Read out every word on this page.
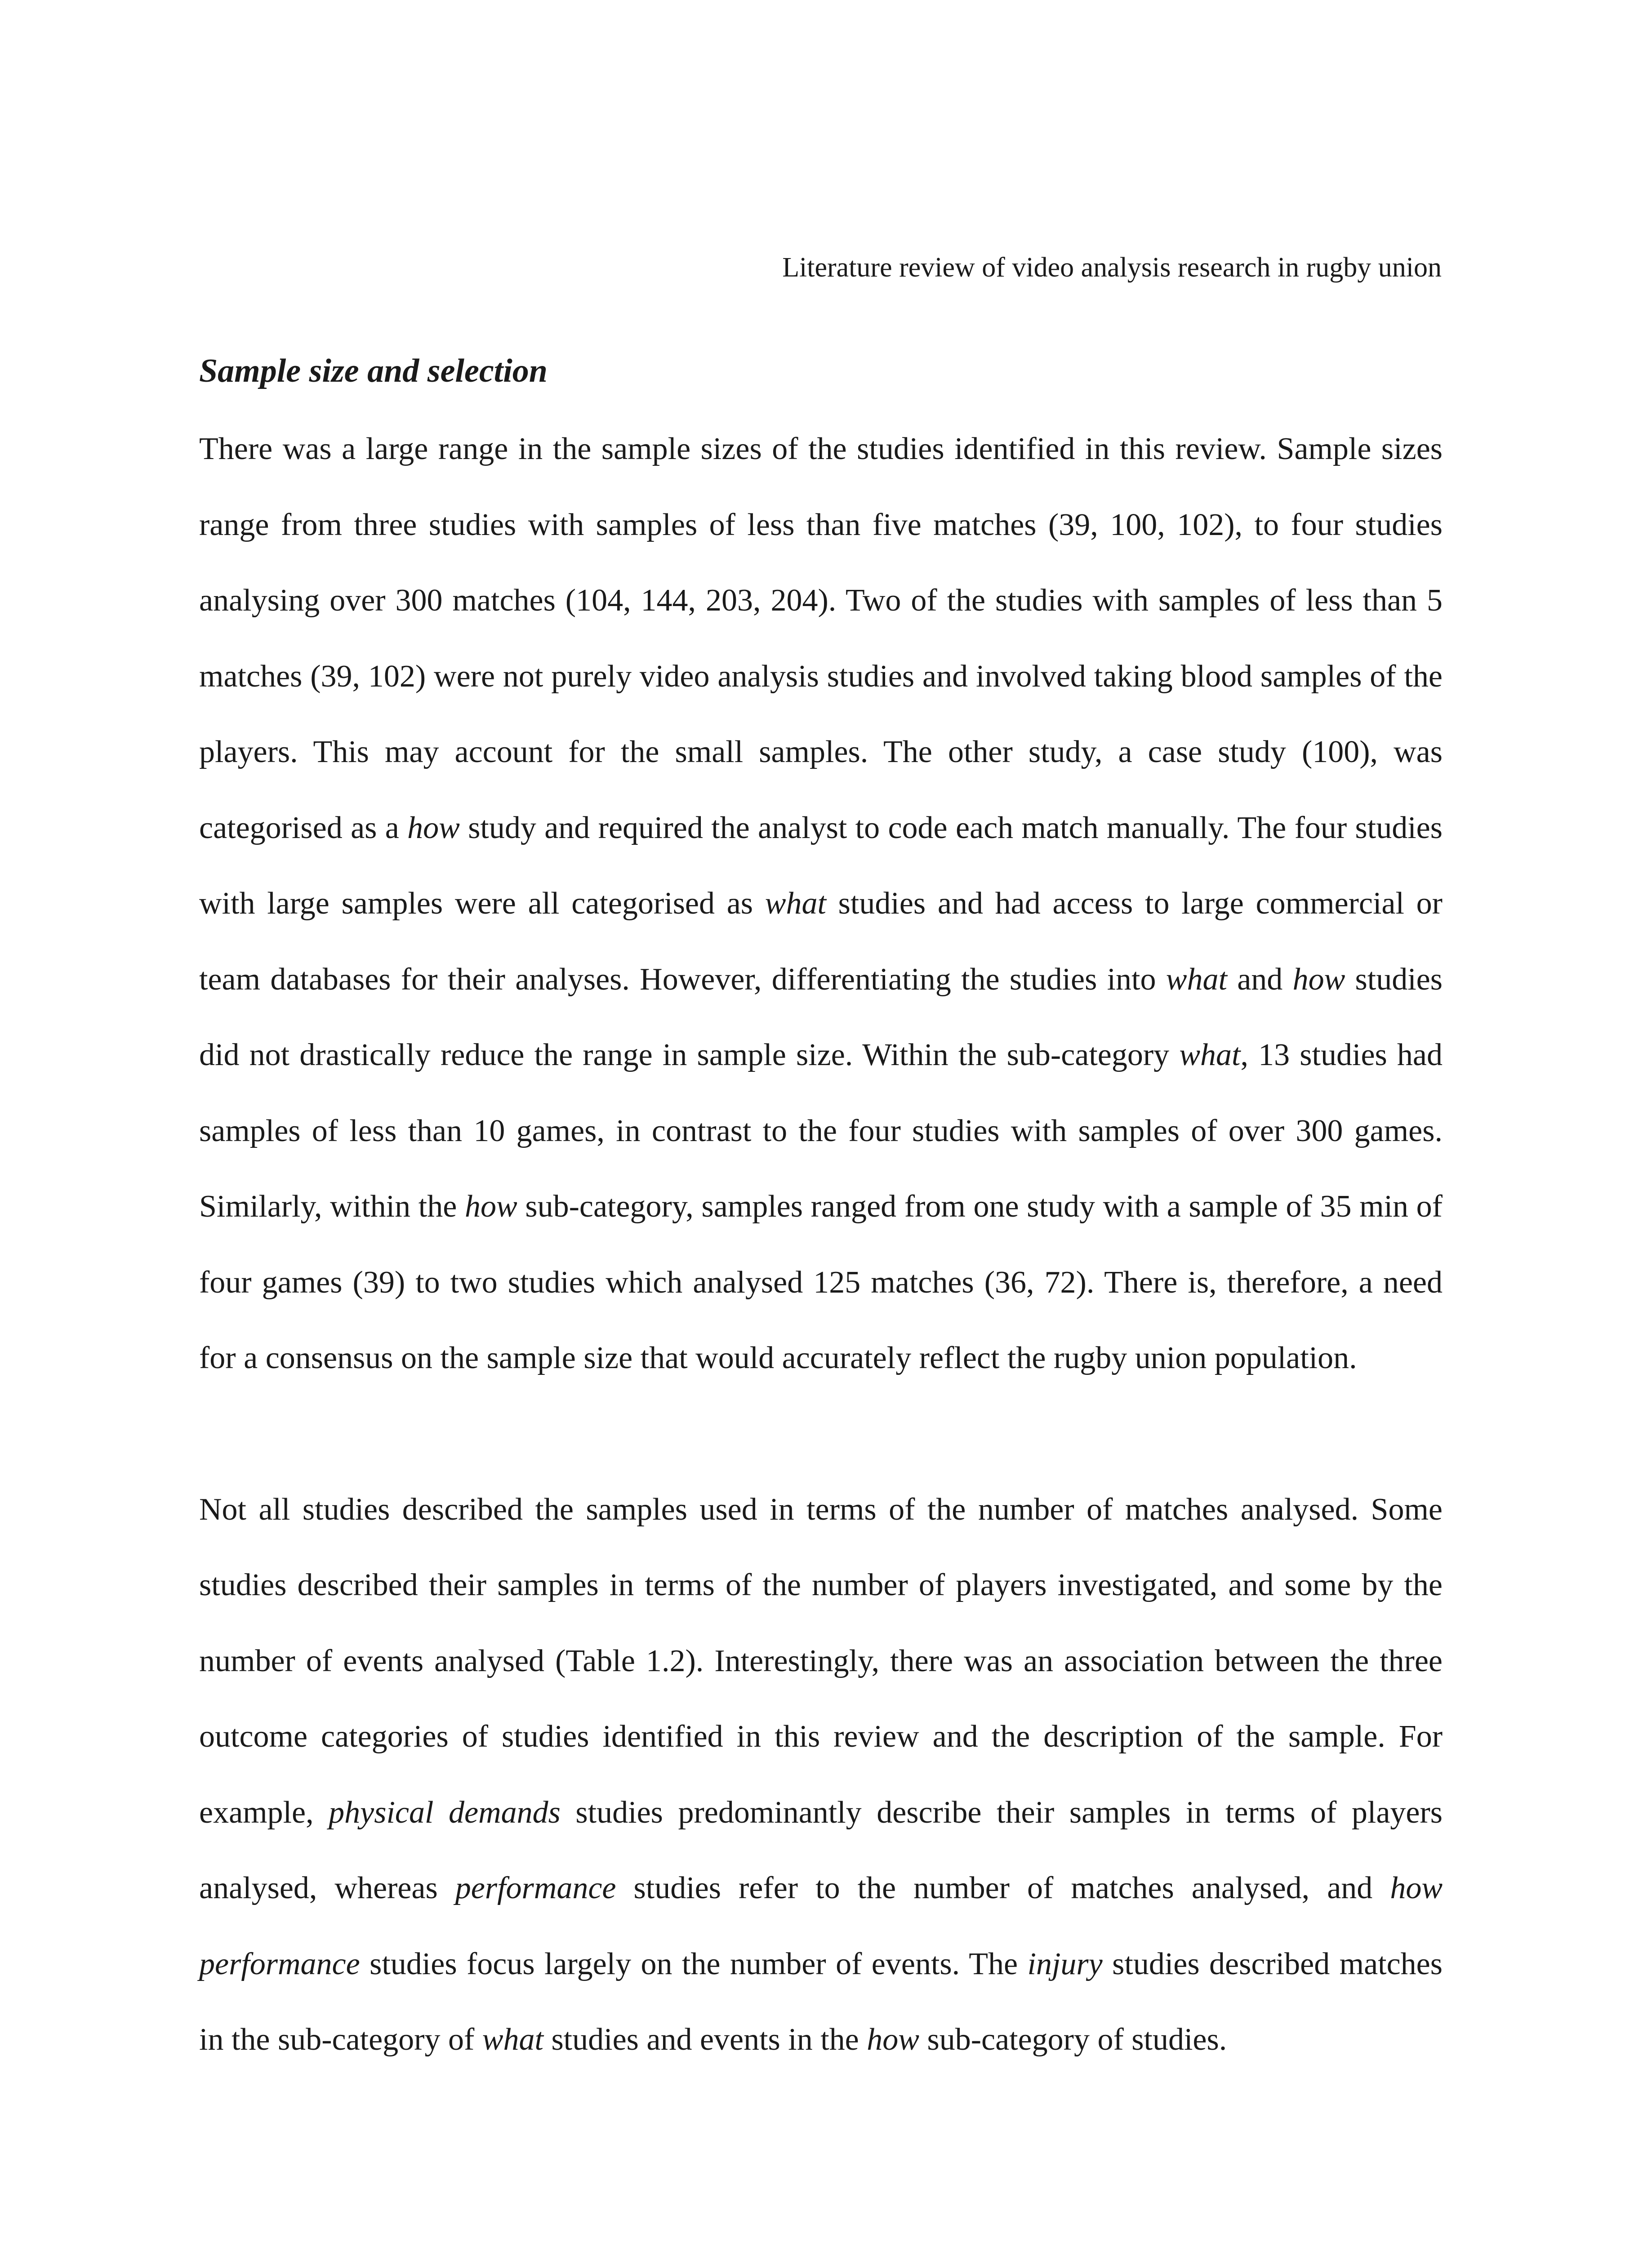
Literature review of video analysis research in rugby union
Sample size and selection

There was a large range in the sample sizes of the studies identified in this review. Sample sizes range from three studies with samples of less than five matches (39, 100, 102), to four studies analysing over 300 matches (104, 144, 203, 204). Two of the studies with samples of less than 5 matches (39, 102) were not purely video analysis studies and involved taking blood samples of the players. This may account for the small samples. The other study, a case study (100), was categorised as a how study and required the analyst to code each match manually. The four studies with large samples were all categorised as what studies and had access to large commercial or team databases for their analyses. However, differentiating the studies into what and how studies did not drastically reduce the range in sample size. Within the sub-category what, 13 studies had samples of less than 10 games, in contrast to the four studies with samples of over 300 games. Similarly, within the how sub-category, samples ranged from one study with a sample of 35 min of four games (39) to two studies which analysed 125 matches (36, 72). There is, therefore, a need for a consensus on the sample size that would accurately reflect the rugby union population.

Not all studies described the samples used in terms of the number of matches analysed. Some studies described their samples in terms of the number of players investigated, and some by the number of events analysed (Table 1.2). Interestingly, there was an association between the three outcome categories of studies identified in this review and the description of the sample. For example, physical demands studies predominantly describe their samples in terms of players analysed, whereas performance studies refer to the number of matches analysed, and how performance studies focus largely on the number of events. The injury studies described matches in the sub-category of what studies and events in the how sub-category of studies.
